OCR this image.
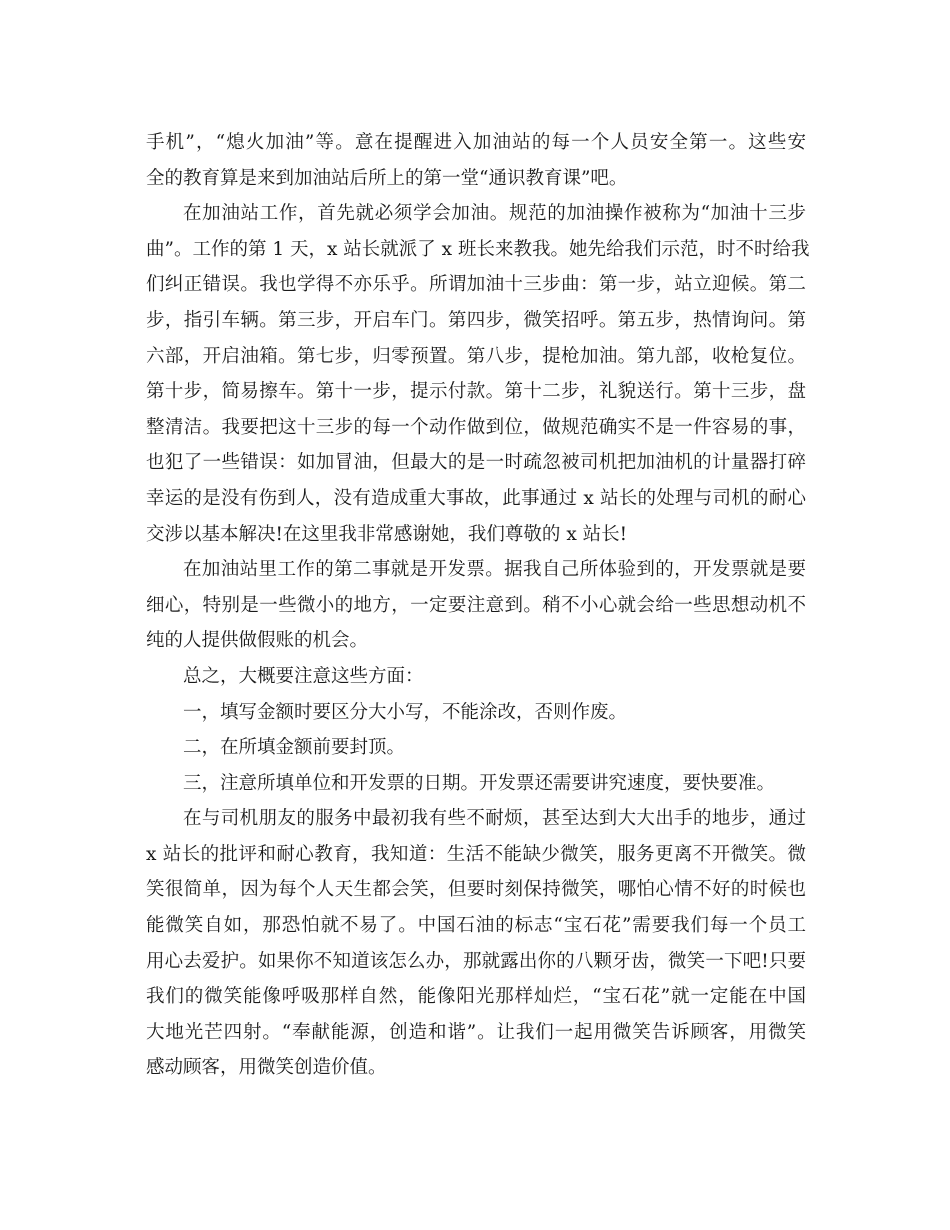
手机”，“熄火加油”等。意在提醒进入加油站的每一个人员安全第一。这些安
全的教育算是来到加油站后所上的第一堂“通识教育课”吧。
在加油站工作，首先就必须学会加油。规范的加油操作被称为“加油十三步
曲”。工作的第 1 天，x 站长就派了 x 班长来教我。她先给我们示范，时不时给我
们纠正错误。我也学得不亦乐乎。所谓加油十三步曲：第一步，站立迎候。第二
步，指引车辆。第三步，开启车门。第四步，微笑招呼。第五步，热情询问。第
六部，开启油箱。第七步，归零预置。第八步，提枪加油。第九部，收枪复位。
第十步，简易擦车。第十一步，提示付款。第十二步，礼貌送行。第十三步，盘
整清洁。我要把这十三步的每一个动作做到位，做规范确实不是一件容易的事，
也犯了一些错误：如加冒油，但最大的是一时疏忽被司机把加油机的计量器打碎
幸运的是没有伤到人，没有造成重大事故，此事通过 x 站长的处理与司机的耐心
交涉以基本解决!在这里我非常感谢她，我们尊敬的 x 站长!
在加油站里工作的第二事就是开发票。据我自己所体验到的，开发票就是要
细心，特别是一些微小的地方，一定要注意到。稍不小心就会给一些思想动机不
纯的人提供做假账的机会。
总之，大概要注意这些方面：
一，填写金额时要区分大小写，不能涂改，否则作废。
二，在所填金额前要封顶。
三，注意所填单位和开发票的日期。开发票还需要讲究速度，要快要准。
在与司机朋友的服务中最初我有些不耐烦，甚至达到大大出手的地步，通过
x 站长的批评和耐心教育，我知道：生活不能缺少微笑，服务更离不开微笑。微
笑很简单，因为每个人天生都会笑，但要时刻保持微笑，哪怕心情不好的时候也
能微笑自如，那恐怕就不易了。中国石油的标志“宝石花”需要我们每一个员工
用心去爱护。如果你不知道该怎么办，那就露出你的八颗牙齿，微笑一下吧!只要
我们的微笑能像呼吸那样自然，能像阳光那样灿烂，“宝石花”就一定能在中国
大地光芒四射。“奉献能源，创造和谐”。让我们一起用微笑告诉顾客，用微笑
感动顾客，用微笑创造价值。
